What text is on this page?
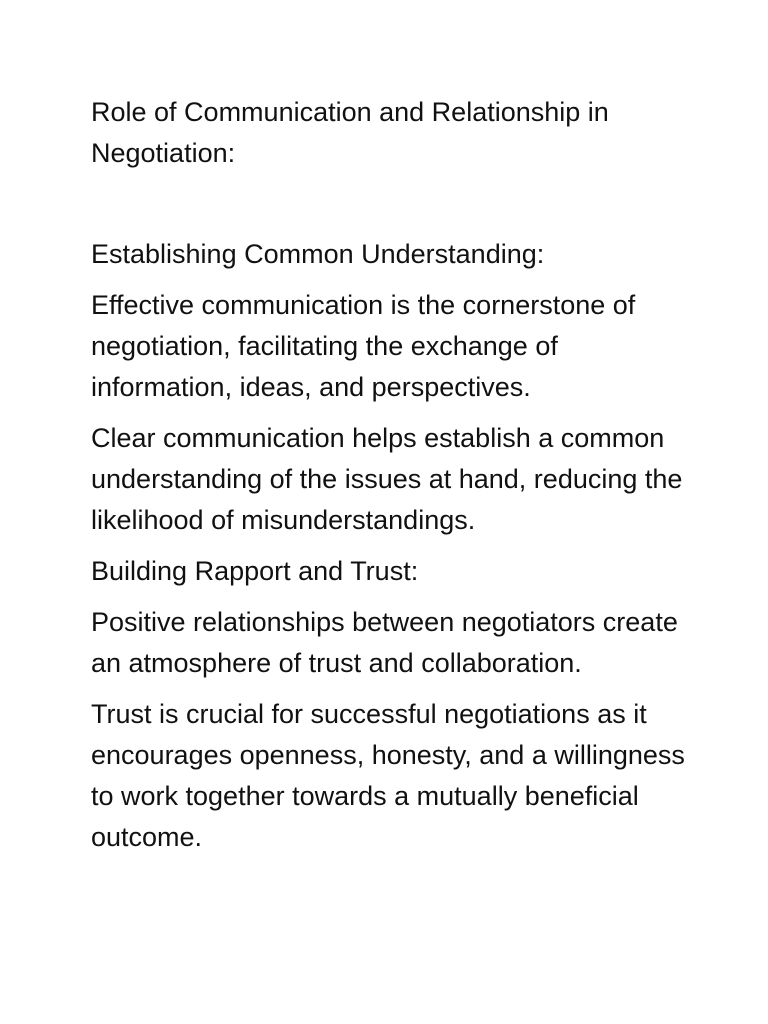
Role of Communication and Relationship in Negotiation:

Establishing Common Understanding:

Effective communication is the cornerstone of negotiation, facilitating the exchange of information, ideas, and perspectives.

Clear communication helps establish a common understanding of the issues at hand, reducing the likelihood of misunderstandings.

Building Rapport and Trust:

Positive relationships between negotiators create an atmosphere of trust and collaboration.

Trust is crucial for successful negotiations as it encourages openness, honesty, and a willingness to work together towards a mutually beneficial outcome.
